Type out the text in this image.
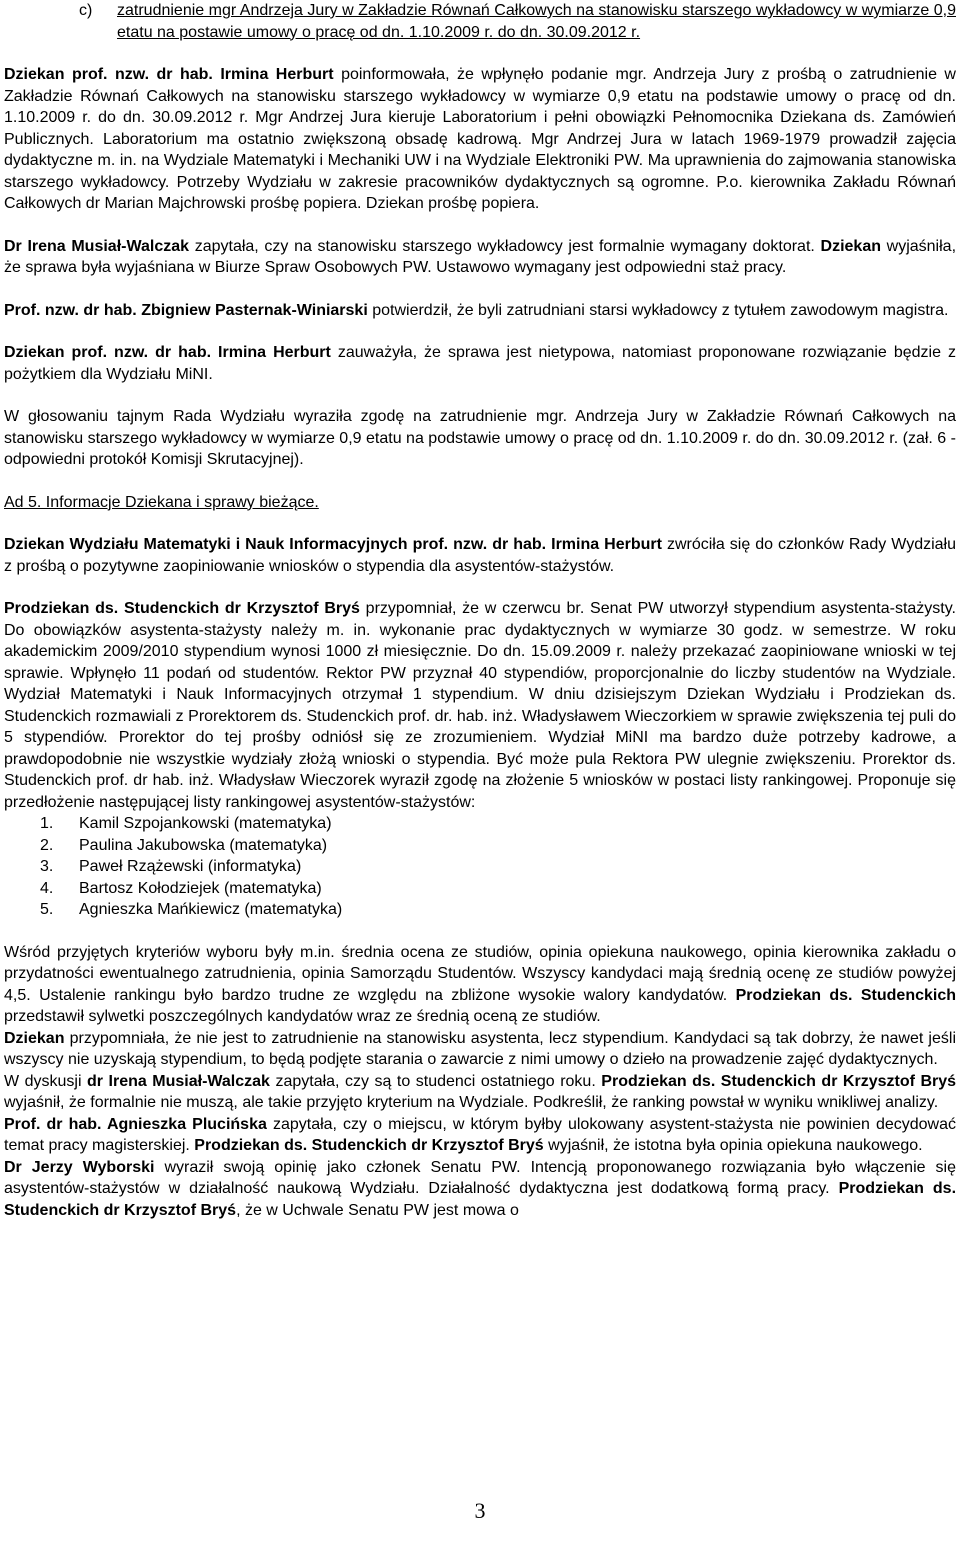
c) zatrudnienie mgr Andrzeja Jury w Zakładzie Równań Całkowych na stanowisku starszego wykładowcy w wymiarze 0,9 etatu na postawie umowy o pracę od dn. 1.10.2009 r. do dn. 30.09.2012 r.

Dziekan prof. nzw. dr hab. Irmina Herburt poinformowała, że wpłynęło podanie mgr. Andrzeja Jury z prośbą o zatrudnienie w Zakładzie Równań Całkowych na stanowisku starszego wykładowcy w wymiarze 0,9 etatu na podstawie umowy o pracę od dn. 1.10.2009 r. do dn. 30.09.2012 r. Mgr Andrzej Jura kieruje Laboratorium i pełni obowiązki Pełnomocnika Dziekana ds. Zamówień Publicznych. Laboratorium ma ostatnio zwiększoną obsadę kadrową. Mgr Andrzej Jura w latach 1969-1979 prowadził zajęcia dydaktyczne m. in. na Wydziale Matematyki i Mechaniki UW i na Wydziale Elektroniki PW. Ma uprawnienia do zajmowania stanowiska starszego wykładowcy. Potrzeby Wydziału w zakresie pracowników dydaktycznych są ogromne. P.o. kierownika Zakładu Równań Całkowych dr Marian Majchrowski prośbę popiera. Dziekan prośbę popiera.

Dr Irena Musiał-Walczak zapytała, czy na stanowisku starszego wykładowcy jest formalnie wymagany doktorat. Dziekan wyjaśniła, że sprawa była wyjaśniana w Biurze Spraw Osobowych PW. Ustawowo wymagany jest odpowiedni staż pracy.

Prof. nzw. dr hab. Zbigniew Pasternak-Winiarski potwierdził, że byli zatrudniani starsi wykładowcy z tytułem zawodowym magistra.

Dziekan prof. nzw. dr hab. Irmina Herburt zauważyła, że sprawa jest nietypowa, natomiast proponowane rozwiązanie będzie z pożytkiem dla Wydziału MiNI.

W głosowaniu tajnym Rada Wydziału wyraziła zgodę na zatrudnienie mgr. Andrzeja Jury w Zakładzie Równań Całkowych na stanowisku starszego wykładowcy w wymiarze 0,9 etatu na podstawie umowy o pracę od dn. 1.10.2009 r. do dn. 30.09.2012 r. (zał. 6 - odpowiedni protokół Komisji Skrutacyjnej).

Ad 5. Informacje Dziekana i sprawy bieżące.

Dziekan Wydziału Matematyki i Nauk Informacyjnych prof. nzw. dr hab. Irmina Herburt zwróciła się do członków Rady Wydziału z prośbą o pozytywne zaopiniowanie wniosków o stypendia dla asystentów-stażystów.

Prodziekan ds. Studenckich dr Krzysztof Bryś przypomniał, że w czerwcu br. Senat PW utworzył stypendium asystenta-stażysty. Do obowiązków asystenta-stażysty należy m. in. wykonanie prac dydaktycznych w wymiarze 30 godz. w semestrze. W roku akademickim 2009/2010 stypendium wynosi 1000 zł miesięcznie. Do dn. 15.09.2009 r. należy przekazać zaopiniowane wnioski w tej sprawie. Wpłynęło 11 podań od studentów. Rektor PW przyznał 40 stypendiów, proporcjonalnie do liczby studentów na Wydziale. Wydział Matematyki i Nauk Informacyjnych otrzymał 1 stypendium. W dniu dzisiejszym Dziekan Wydziału i Prodziekan ds. Studenckich rozmawiali z Prorektorem ds. Studenckich prof. dr. hab. inż. Władysławem Wieczorkiem w sprawie zwiększenia tej puli do 5 stypendiów. Prorektor do tej prośby odniósł się ze zrozumieniem. Wydział MiNI ma bardzo duże potrzeby kadrowe, a prawdopodobnie nie wszystkie wydziały złożą wnioski o stypendia. Być może pula Rektora PW ulegnie zwiększeniu. Prorektor ds. Studenckich prof. dr hab. inż. Władysław Wieczorek wyraził zgodę na złożenie 5 wniosków w postaci listy rankingowej. Proponuje się przedłożenie następującej listy rankingowej asystentów-stażystów:

1. Kamil Szpojankowski (matematyka)
2. Paulina Jakubowska (matematyka)
3. Paweł Rzążewski (informatyka)
4. Bartosz Kołodziejek (matematyka)
5. Agnieszka Mańkiewicz (matematyka)

Wśród przyjętych kryteriów wyboru były m.in. średnia ocena ze studiów, opinia opiekuna naukowego, opinia kierownika zakładu o przydatności ewentualnego zatrudnienia, opinia Samorządu Studentów. Wszyscy kandydaci mają średnią ocenę ze studiów powyżej 4,5. Ustalenie rankingu było bardzo trudne ze względu na zbliżone wysokie walory kandydatów. Prodziekan ds. Studenckich przedstawił sylwetki poszczególnych kandydatów wraz ze średnią oceną ze studiów.

Dziekan przypomniała, że nie jest to zatrudnienie na stanowisku asystenta, lecz stypendium. Kandydaci są tak dobrzy, że nawet jeśli wszyscy nie uzyskają stypendium, to będą podjęte starania o zawarcie z nimi umowy o dzieło na prowadzenie zajęć dydaktycznych.

W dyskusji dr Irena Musiał-Walczak zapytała, czy są to studenci ostatniego roku. Prodziekan ds. Studenckich dr Krzysztof Bryś wyjaśnił, że formalnie nie muszą, ale takie przyjęto kryterium na Wydziale. Podkreślił, że ranking powstał w wyniku wnikliwej analizy.

Prof. dr hab. Agnieszka Plucińska zapytała, czy o miejscu, w którym byłby ulokowany asystent-stażysta nie powinien decydować temat pracy magisterskiej. Prodziekan ds. Studenckich dr Krzysztof Bryś wyjaśnił, że istotna była opinia opiekuna naukowego.

Dr Jerzy Wyborski wyraził swoją opinię jako członek Senatu PW. Intencją proponowanego rozwiązania było włączenie się asystentów-stażystów w działalność naukową Wydziału. Działalność dydaktyczna jest dodatkową formą pracy. Prodziekan ds. Studenckich dr Krzysztof Bryś, że w Uchwale Senatu PW jest mowa o

3
